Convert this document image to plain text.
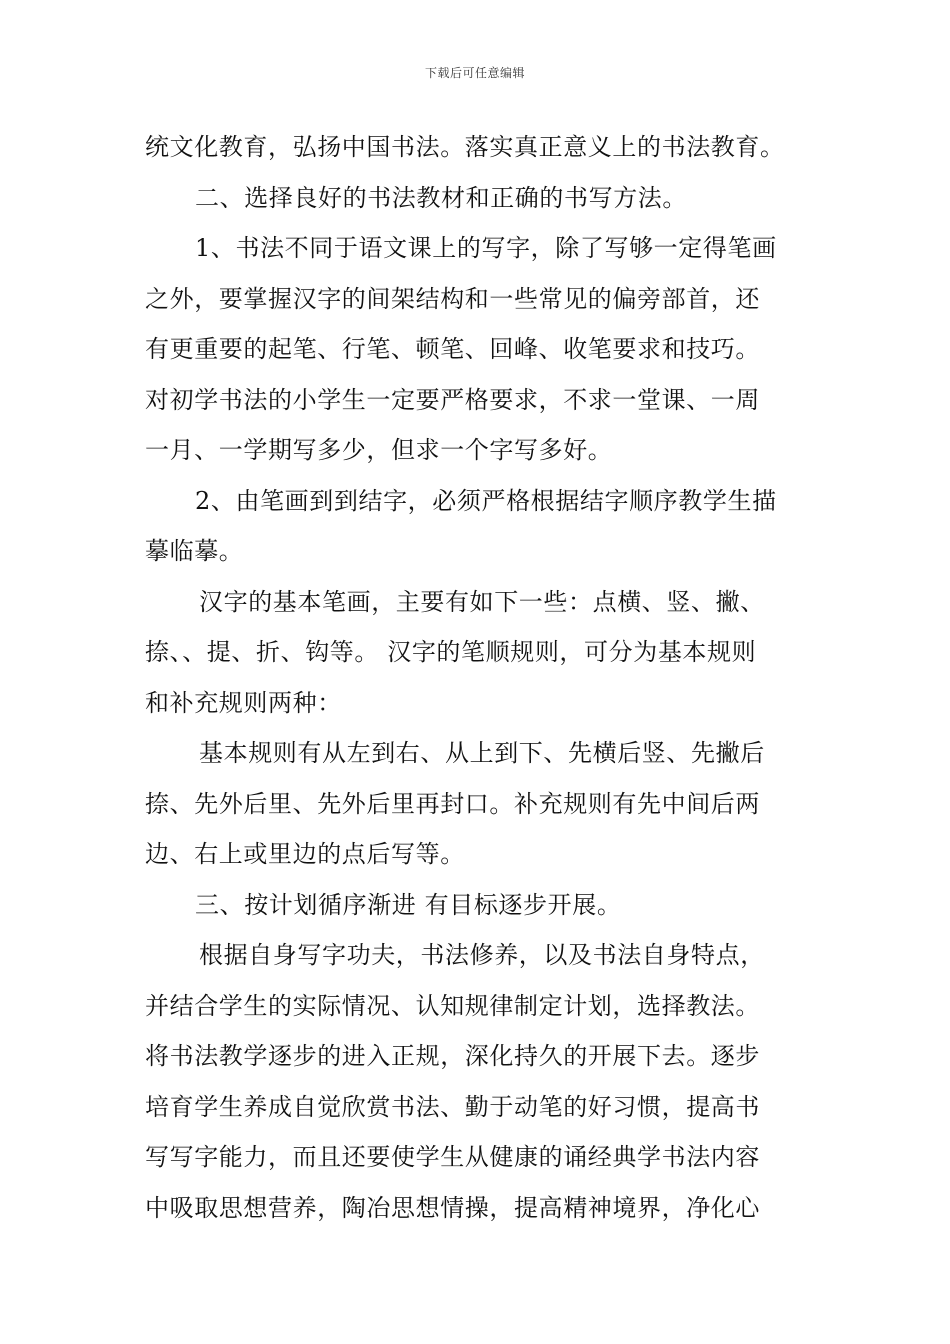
下载后可任意编辑
统文化教育，弘扬中国书法。落实真正意义上的书法教育。
二、选择良好的书法教材和正确的书写方法。
1、书法不同于语文课上的写字，除了写够一定得笔画
之外，要掌握汉字的间架结构和一些常见的偏旁部首，还
有更重要的起笔、行笔、顿笔、回峰、收笔要求和技巧。
对初学书法的小学生一定要严格要求，不求一堂课、一周
一月、一学期写多少，但求一个字写多好。
2、由笔画到到结字，必须严格根据结字顺序教学生描
摹临摹。
汉字的基本笔画，主要有如下一些：点横、竖、撇、
捺、、提、折、钩等。 汉字的笔顺规则，可分为基本规则
和补充规则两种：
基本规则有从左到右、从上到下、先横后竖、先撇后
捺、先外后里、先外后里再封口。补充规则有先中间后两
边、右上或里边的点后写等。
三、按计划循序渐进 有目标逐步开展。
根据自身写字功夫，书法修养，以及书法自身特点，
并结合学生的实际情况、认知规律制定计划，选择教法。
将书法教学逐步的进入正规，深化持久的开展下去。逐步
培育学生养成自觉欣赏书法、勤于动笔的好习惯，提高书
写写字能力，而且还要使学生从健康的诵经典学书法内容
中吸取思想营养，陶冶思想情操，提高精神境界，净化心
